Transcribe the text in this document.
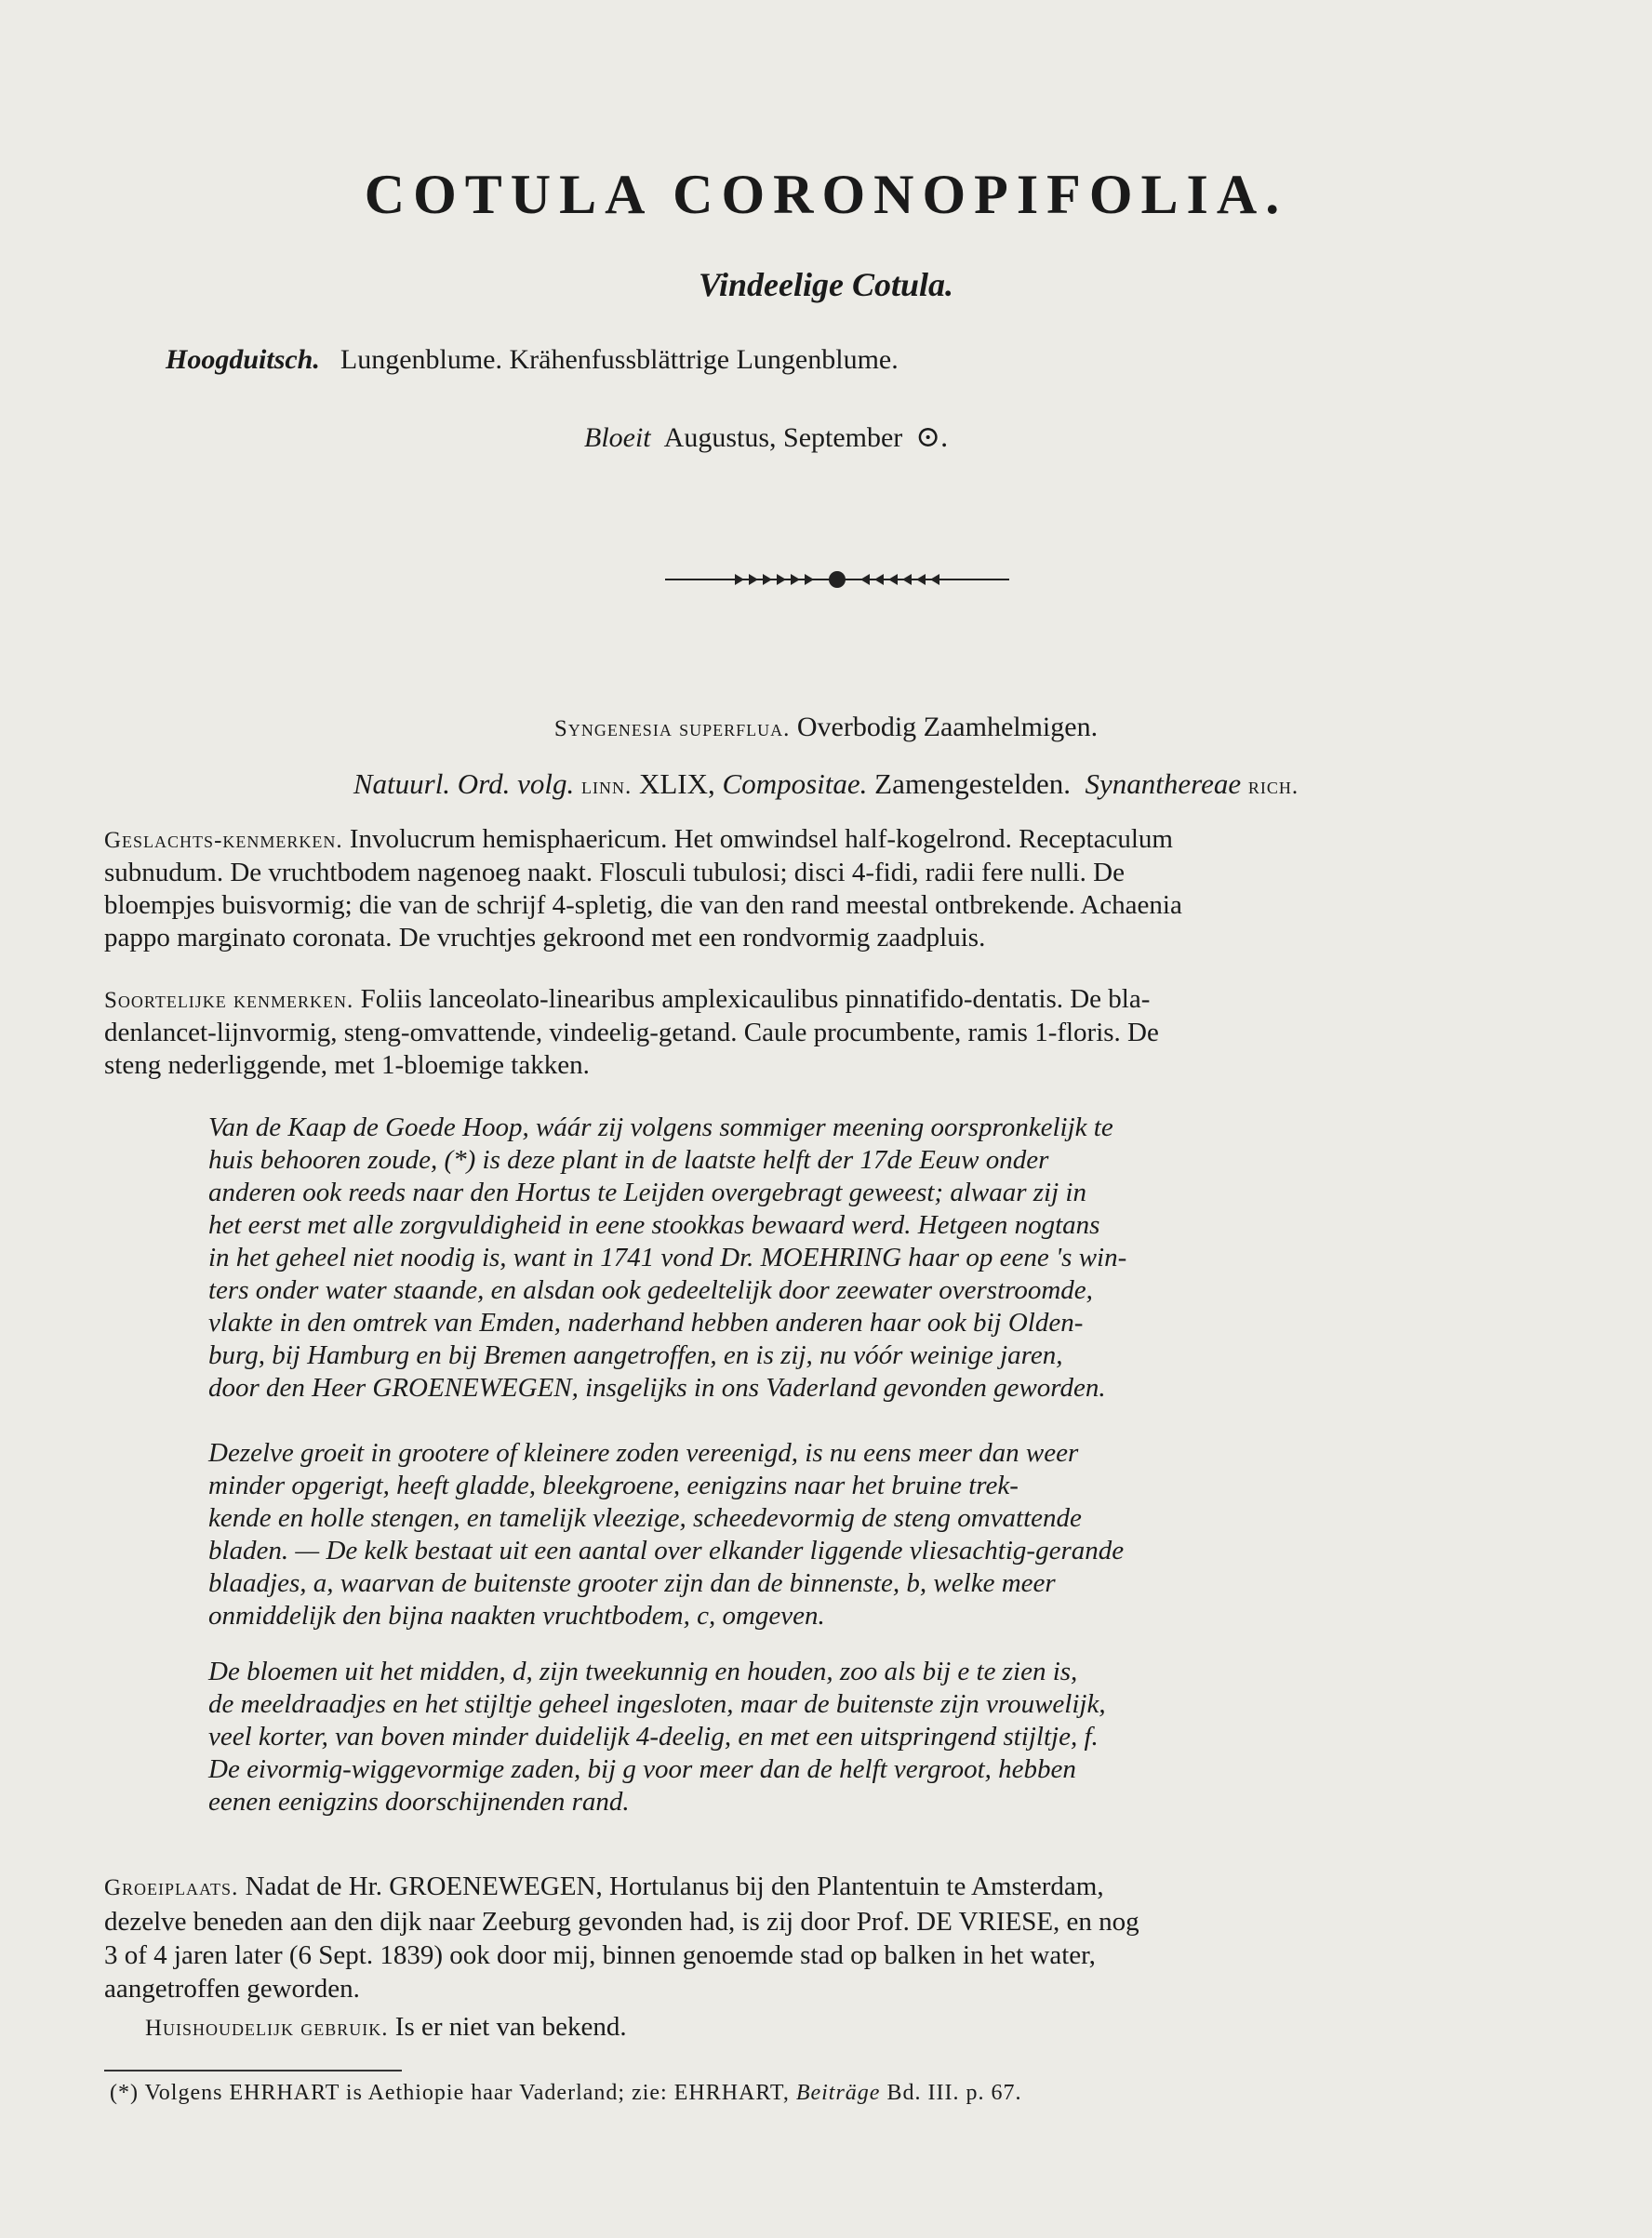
COTULA CORONOPIFOLIA.
Vindeelige Cotula.
Hoogduitsch. Lungenblume. Krähenfussblättrige Lungenblume.
Bloeit Augustus, September ⊙.
Syngenesia superflua. Overbodig Zaamhelmigen.
Natuurl. Ord. volg. linn. XLIX, Compositae. Zamengestelden. Synanthereae rich.
Geslachts-kenmerken. Involucrum hemisphaericum. Het omwindsel half-kogelrond. Receptaculum
subnudum. De vruchtbodem nagenoeg naakt. Flosculi tubulosi; disci 4-fidi, radii fere nulli. De
bloempjes buisvormig; die van de schrijf 4-spletig, die van den rand meestal ontbrekende. Achaenia
pappo marginato coronata. De vruchtjes gekroond met een rondvormig zaadpluis.
Soortelijke kenmerken. Foliis lanceolato-linearibus amplexicaulibus pinnatifido-dentatis. De bla-
denlancet-lijnvormig, steng-omvattende, vindeelig-getand. Caule procumbente, ramis 1-floris. De
steng nederliggende, met 1-bloemige takken.
Van de Kaap de Goede Hoop, wáár zij volgens sommiger meening oorspronkelijk te
huis behooren zoude, (*) is deze plant in de laatste helft der 17de Eeuw onder
anderen ook reeds naar den Hortus te Leijden overgebragt geweest; alwaar zij in
het eerst met alle zorgvuldigheid in eene stookkas bewaard werd. Hetgeen nogtans
in het geheel niet noodig is, want in 1741 vond Dr. MOEHRING haar op eene 's win-
ters onder water staande, en alsdan ook gedeeltelijk door zeewater overstroomde,
vlakte in den omtrek van Emden, naderhand hebben anderen haar ook bij Olden-
burg, bij Hamburg en bij Bremen aangetroffen, en is zij, nu vóór weinige jaren,
door den Heer GROENEWEGEN, insgelijks in ons Vaderland gevonden geworden.
Dezelve groeit in grootere of kleinere zoden vereenigd, is nu eens meer dan weer
minder opgerigt, heeft gladde, bleekgroene, eenigzins naar het bruine trek-
kende en holle stengen, en tamelijk vleezige, scheedevormig de steng omvattende
bladen. — De kelk bestaat uit een aantal over elkander liggende vliesachtig-gerande
blaadjes, a, waarvan de buitenste grooter zijn dan de binnenste, b, welke meer
onmiddelijk den bijna naakten vruchtbodem, c, omgeven.
De bloemen uit het midden, d, zijn tweekunnig en houden, zoo als bij e te zien is,
de meeldraadjes en het stijltje geheel ingesloten, maar de buitenste zijn vrouwelijk,
veel korter, van boven minder duidelijk 4-deelig, en met een uitspringend stijltje, f.
De eivormig-wiggevormige zaden, bij g voor meer dan de helft vergroot, hebben
eenen eenigzins doorschijnenden rand.
Groeiplaats. Nadat de Hr. GROENEWEGEN, Hortulanus bij den Plantentuin te Amsterdam,
dezelve beneden aan den dijk naar Zeeburg gevonden had, is zij door Prof. DE VRIESE, en nog
3 of 4 jaren later (6 Sept. 1839) ook door mij, binnen genoemde stad op balken in het water,
aangetroffen geworden.
Huishoudelijk gebruik. Is er niet van bekend.
(*) Volgens EHRHART is Aethiopie haar Vaderland; zie: EHRHART, Beiträge Bd. III. p. 67.
